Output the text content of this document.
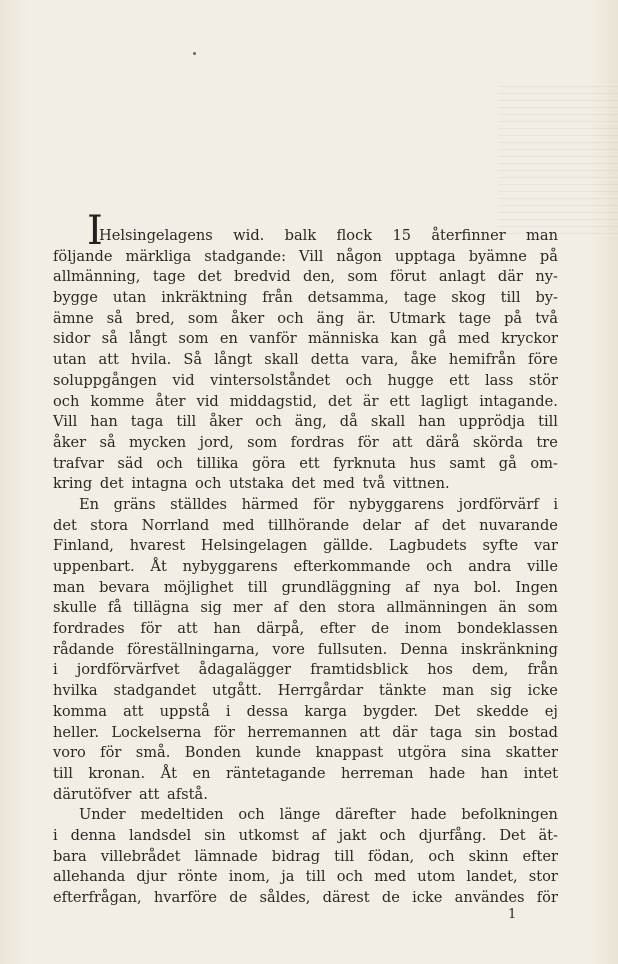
I
Helsingelagens wid. balk flock 15 återfinner man
följande märkliga stadgande: Vill någon upptaga byämne på
allmänning, tage det bredvid den, som förut anlagt där ny-
bygge utan inkräktning från detsamma, tage skog till by-
ämne så bred, som åker och äng är. Utmark tage på två
sidor så långt som en vanför människa kan gå med kryckor
utan att hvila. Så långt skall detta vara, åke hemifrån före
soluppgången vid vintersolståndet och hugge ett lass stör
och komme åter vid middagstid, det är ett lagligt intagande.
Vill han taga till åker och äng, då skall han upprödja till
åker så mycken jord, som fordras för att därå skörda tre
trafvar säd och tillika göra ett fyrknuta hus samt gå om-
kring det intagna och utstaka det med två vittnen.
En gräns ställdes härmed för nybyggarens jordförvärf i
det stora Norrland med tillhörande delar af det nuvarande
Finland, hvarest Helsingelagen gällde. Lagbudets syfte var
uppenbart. Åt nybyggarens efterkommande och andra ville
man bevara möjlighet till grundläggning af nya bol. Ingen
skulle få tillägna sig mer af den stora allmänningen än som
fordrades för att han därpå, efter de inom bondeklassen
rådande föreställningarna, vore fullsuten. Denna inskränkning
i jordförvärfvet ådagalägger framtidsblick hos dem, från
hvilka stadgandet utgått. Herrgårdar tänkte man sig icke
komma att uppstå i dessa karga bygder. Det skedde ej
heller. Lockelserna för herremannen att där taga sin bostad
voro för små. Bonden kunde knappast utgöra sina skatter
till kronan. Åt en räntetagande herreman hade han intet
därutöfver att afstå.
Under medeltiden och länge därefter hade befolkningen
i denna landsdel sin utkomst af jakt och djurfång. Det ät-
bara villebrådet lämnade bidrag till födan, och skinn efter
allehanda djur rönte inom, ja till och med utom landet, stor
efterfrågan, hvarföre de såldes, därest de icke användes för
1
